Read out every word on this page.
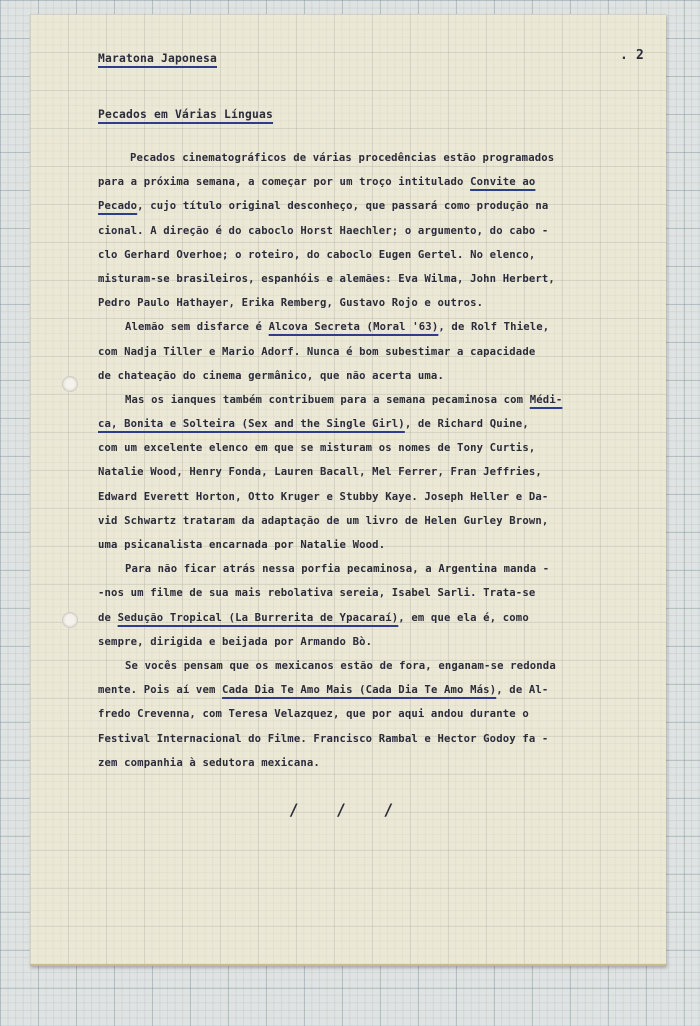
Maratona Japonesa	. 2
Pecados em Várias Línguas
Pecados cinematográficos de várias procedências estão programados
para a próxima semana, a começar por um troço intitulado Convite ao
Pecado, cujo título original desconheço, que passará como produção na
cional. A direção é do caboclo Horst Haechler; o argumento, do cabo -
clo Gerhard Overhoe; o roteiro, do caboclo Eugen Gertel. No elenco,
misturam-se brasileiros, espanhóis e alemães: Eva Wilma, John Herbert,
Pedro Paulo Hathayer, Erika Remberg, Gustavo Rojo e outros.
Alemão sem disfarce é Alcova Secreta (Moral '63), de Rolf Thiele,
com Nadja Tiller e Mario Adorf. Nunca é bom subestimar a capacidade
de chateação do cinema germânico, que não acerta uma.
Mas os ianques também contribuem para a semana pecaminosa com Médi-
ca, Bonita e Solteira (Sex and the Single Girl), de Richard Quine,
com um excelente elenco em que se misturam os nomes de Tony Curtis,
Natalie Wood, Henry Fonda, Lauren Bacall, Mel Ferrer, Fran Jeffries,
Edward Everett Horton, Otto Kruger e Stubby Kaye. Joseph Heller e Da-
vid Schwartz trataram da adaptação de um livro de Helen Gurley Brown,
uma psicanalista encarnada por Natalie Wood.
Para não ficar atrás nessa porfia pecaminosa, a Argentina manda -
-nos um filme de sua mais rebolativa sereia, Isabel Sarli. Trata-se
de Sedução Tropical (La Burrerita de Ypacaraí), em que ela é, como
sempre, dirigida e beijada por Armando Bò.
Se vocês pensam que os mexicanos estão de fora, enganam-se redonda
mente. Pois aí vem Cada Dia Te Amo Mais (Cada Dia Te Amo Más), de Al-
fredo Crevenna, com Teresa Velazquez, que por aqui andou durante o
Festival Internacional do Filme. Francisco Rambal e Hector Godoy fa -
zem companhia à sedutora mexicana.
/ / /
